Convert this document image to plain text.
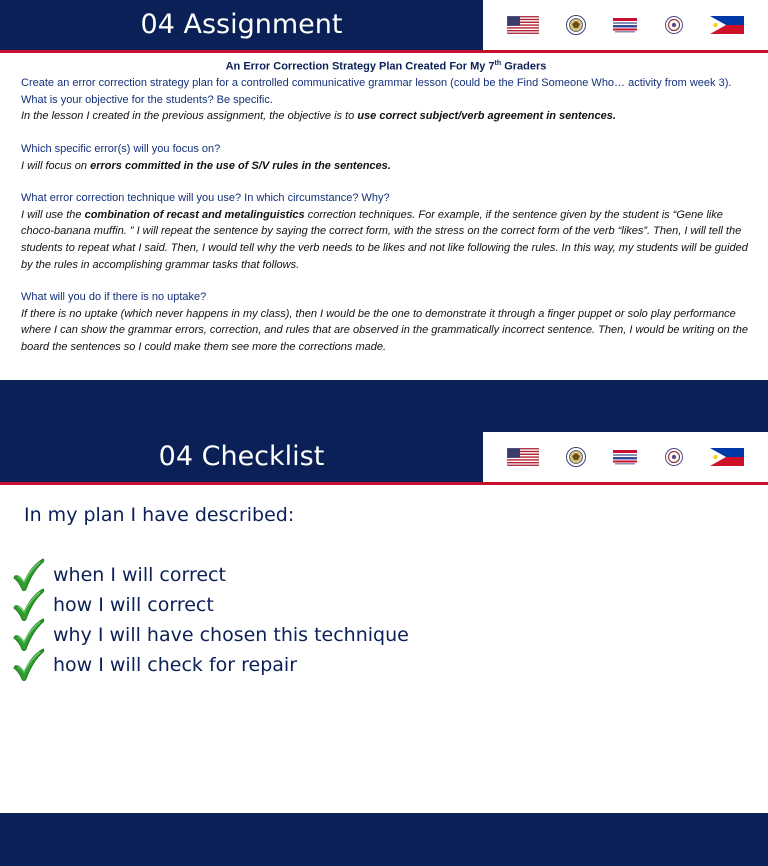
04 Assignment
An Error Correction Strategy Plan Created For My 7th Graders
Create an error correction strategy plan for a controlled communicative grammar lesson (could be the Find Someone Who… activity from week 3).
What is your objective for the students? Be specific.
In the lesson I created in the previous assignment, the objective is to use correct subject/verb agreement in sentences.
Which specific error(s) will you focus on?
I will focus on errors committed in the use of S/V rules in the sentences.
What error correction technique will you use? In which circumstance? Why?
I will use the combination of recast and metalinguistics correction techniques. For example, if the sentence given by the student is “Gene like choco-banana muffin. ” I will repeat the sentence by saying the correct form, with the stress on the correct form of the verb “likes”. Then, I will tell the students to repeat what I said. Then, I would tell why the verb needs to be likes and not like following the rules. In this way, my students will be guided by the rules in accomplishing grammar tasks that follows.
What will you do if there is no uptake?
If there is no uptake (which never happens in my class), then I would be the one to demonstrate it through a finger puppet or solo play performance where I can show the grammar errors, correction, and rules that are observed in the grammatically incorrect sentence. Then, I would be writing on the board the sentences so I could make them see more the corrections made.
04 Checklist
In my plan I have described:
when I will correct
how I will correct
why I will have chosen this technique
how I will check for repair
